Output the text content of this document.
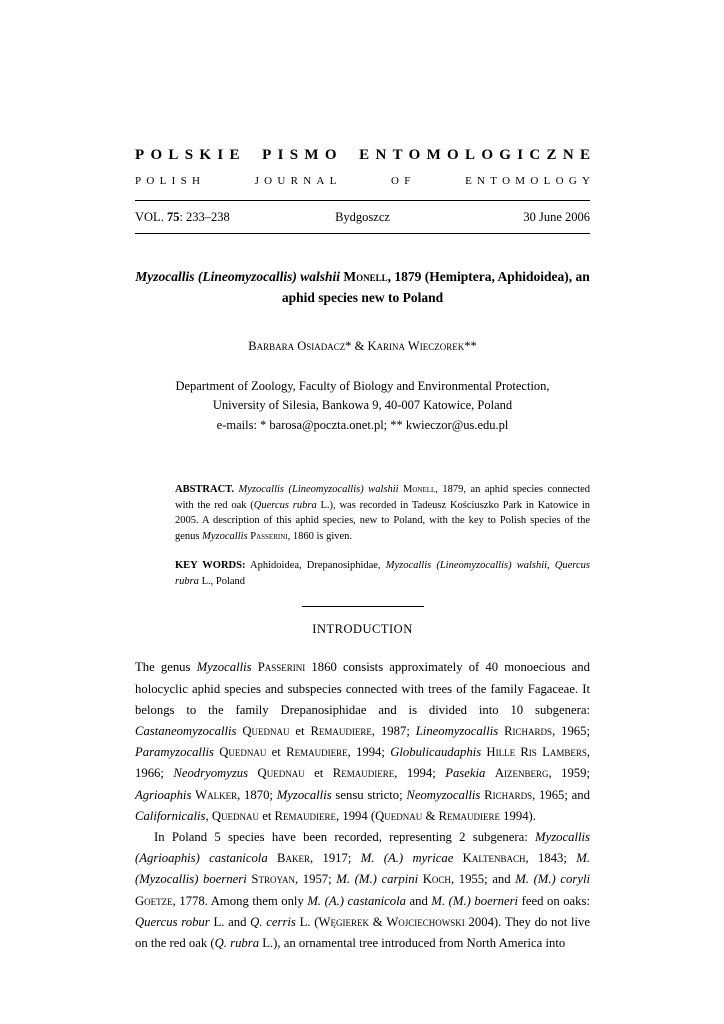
POLSKIE PISMO ENTOMOLOGICZNE
POLISH	JOURNAL	OF	ENTOMOLOGY
VOL. 75: 233–238	Bydgoszcz	30 June 2006
Myzocallis (Lineomyzocallis) walshii Monell, 1879 (Hemiptera, Aphidoidea), an aphid species new to Poland
Barbara Osiadacz* & Karina Wieczorek**
Department of Zoology, Faculty of Biology and Environmental Protection,
University of Silesia, Bankowa 9, 40-007 Katowice, Poland
e-mails: * barosa@poczta.onet.pl; ** kwieczor@us.edu.pl
ABSTRACT. Myzocallis (Lineomyzocallis) walshii Monell, 1879, an aphid species connected with the red oak (Quercus rubra L.), was recorded in Tadeusz Kościuszko Park in Katowice in 2005. A description of this aphid species, new to Poland, with the key to Polish species of the genus Myzocallis Passerini, 1860 is given.
KEY WORDS: Aphidoidea, Drepanosiphidae, Myzocallis (Lineomyzocallis) walshii, Quercus rubra L., Poland
INTRODUCTION

The genus Myzocallis Passerini 1860 consists approximately of 40 monoecious and holocyclic aphid species and subspecies connected with trees of the family Fagaceae. It belongs to the family Drepanosiphidae and is divided into 10 subgenera: Castaneomyzocallis Quednau et Remaudiere, 1987; Lineomyzocallis Richards, 1965; Paramyzocallis Quednau et Remaudiere, 1994; Globulicaudaphis Hille Ris Lambers, 1966; Neodryomyzus Quednau et Remaudiere, 1994; Pasekia Aizenberg, 1959; Agrioaphis Walker, 1870; Myzocallis sensu stricto; Neomyzocallis Richards, 1965; and Californicalis, Quednau et Remaudiere, 1994 (Quednau & Remaudiere 1994).

In Poland 5 species have been recorded, representing 2 subgenera: Myzocallis (Agrioaphis) castanicola Baker, 1917; M. (A.) myricae Kaltenbach, 1843; M. (Myzocallis) boerneri Stroyan, 1957; M. (M.) carpini Koch, 1955; and M. (M.) coryli Goetze, 1778. Among them only M. (A.) castanicola and M. (M.) boerneri feed on oaks: Quercus robur L. and Q. cerris L. (Węgierek & Wojciechowski 2004). They do not live on the red oak (Q. rubra L.), an ornamental tree introduced from North America into
